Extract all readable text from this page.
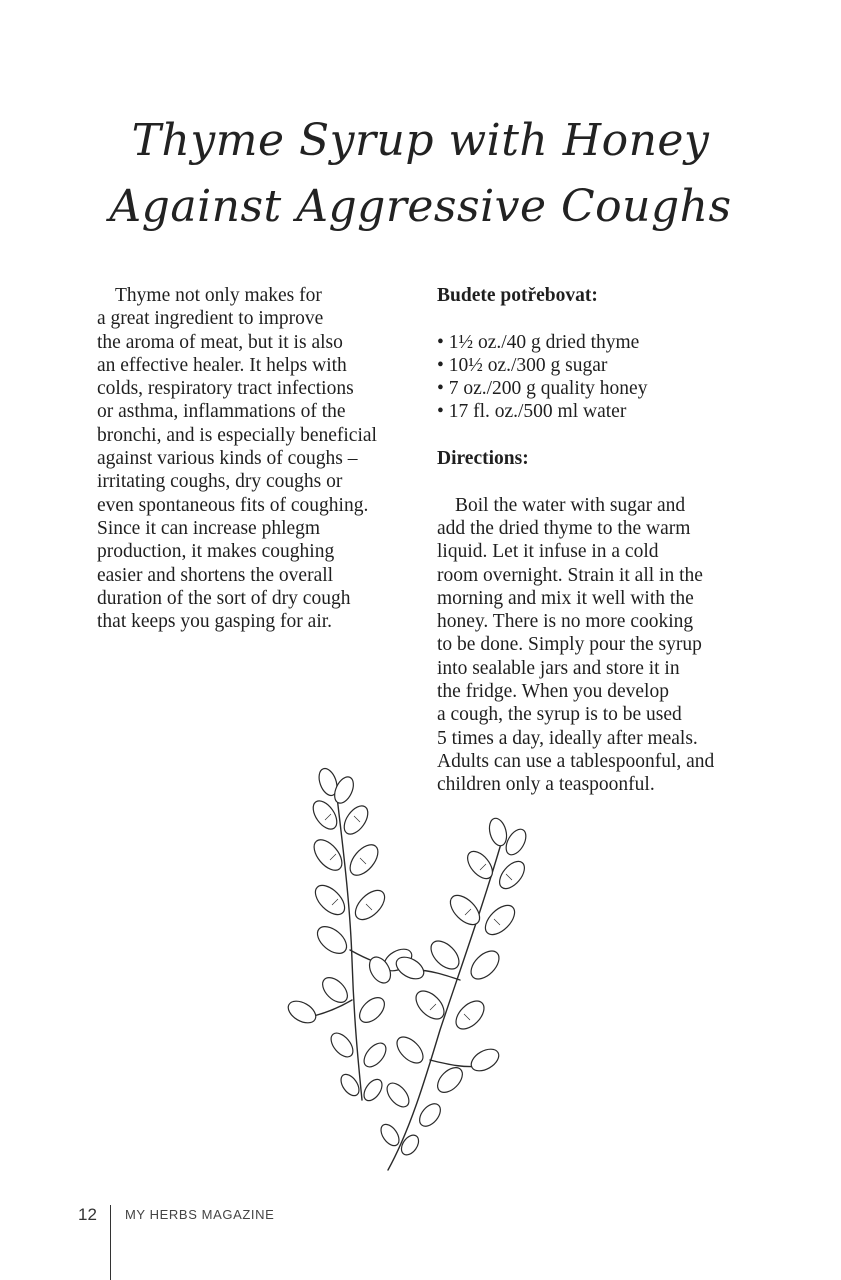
Thyme Syrup with Honey
Against Aggressive Coughs
Thyme not only makes for
a great ingredient to improve
the aroma of meat, but it is also
an effective healer. It helps with
colds, respiratory tract infections
or asthma, inflammations of the
bronchi, and is especially beneficial
against various kinds of coughs –
irritating coughs, dry coughs or
even spontaneous fits of coughing.
Since it can increase phlegm
production, it makes coughing
easier and shortens the overall
duration of the sort of dry cough
that keeps you gasping for air.
Budete potřebovat:
• 1½ oz./40 g dried thyme
• 10½ oz./300 g sugar
• 7 oz./200 g quality honey
• 17 fl. oz./500 ml water
Directions:
Boil the water with sugar and
add the dried thyme to the warm
liquid. Let it infuse in a cold
room overnight. Strain it all in the
morning and mix it well with the
honey. There is no more cooking
to be done. Simply pour the syrup
into sealable jars and store it in
the fridge. When you develop
a cough, the syrup is to be used
5 times a day, ideally after meals.
Adults can use a tablespoonful, and
children only a teaspoonful.
12 MY HERBS MAGAZINE
